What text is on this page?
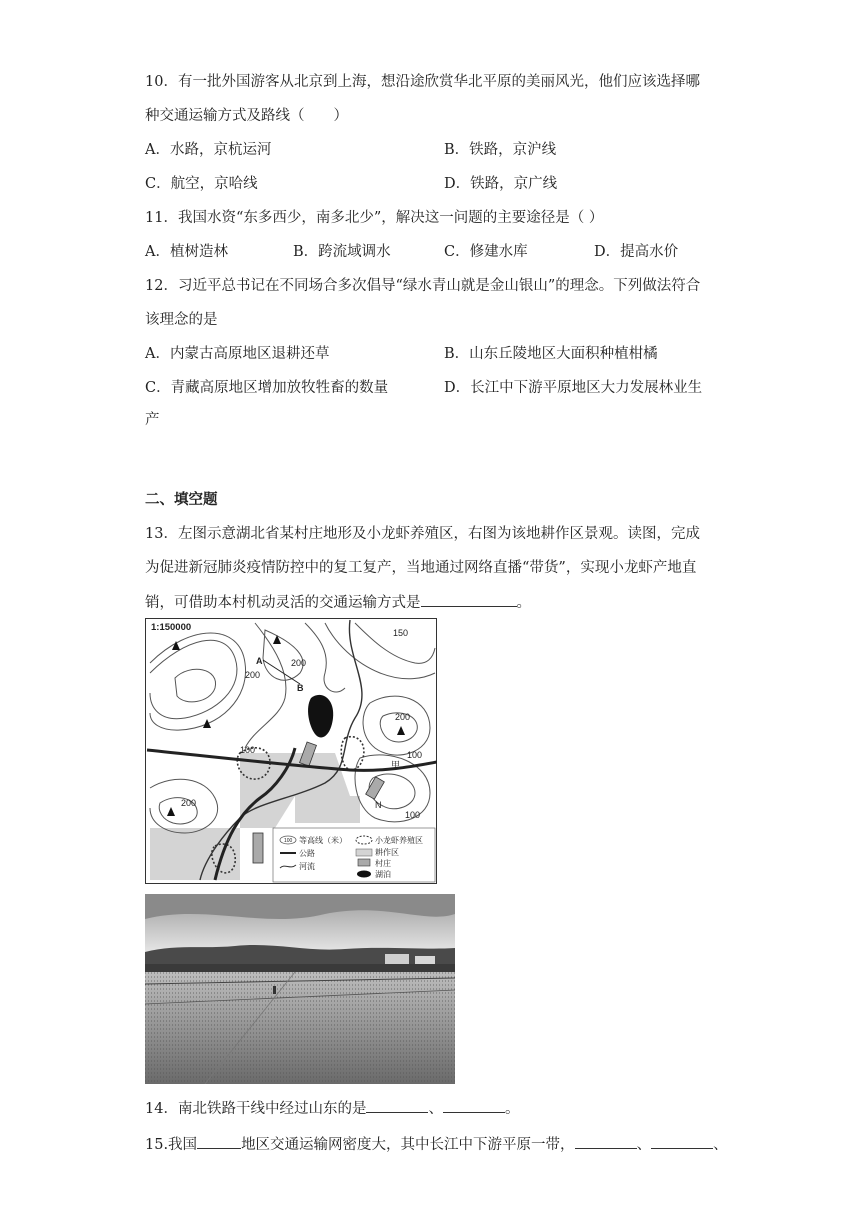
10．有一批外国游客从北京到上海，想沿途欣赏华北平原的美丽风光，他们应该选择哪
种交通运输方式及路线（　　）
A．水路，京杭运河	B．铁路，京沪线
C．航空，京哈线	D．铁路，京广线
11．我国水资“东多西少，南多北少”，解决这一问题的主要途径是（ ）
A．植树造林	B．跨流域调水	C．修建水库	D．提高水价
12．习近平总书记在不同场合多次倡导“绿水青山就是金山银山”的理念。下列做法符合
该理念的是
A．内蒙古高原地区退耕还草	B．山东丘陵地区大面积种植柑橘
C．青藏高原地区增加放牧牲畜的数量	D．长江中下游平原地区大力发展林业生
产
二、填空题
13．左图示意湖北省某村庄地形及小龙虾养殖区，右图为该地耕作区景观。读图，完成
为促进新冠肺炎疫情防控中的复工复产，当地通过网络直播“带货”，实现小龙虾产地直
销，可借助本村机动灵活的交通运输方式是	。
1:150000
200
150
200
100
200
100
200
100
A
B
甲
N
100 等高线（米）
公路
河流
小龙虾养殖区
耕作区
村庄
湖泊
14．南北铁路干线中经过山东的是	、	。
15.我国	地区交通运输网密度大，其中长江中下游平原一带，	、	、
